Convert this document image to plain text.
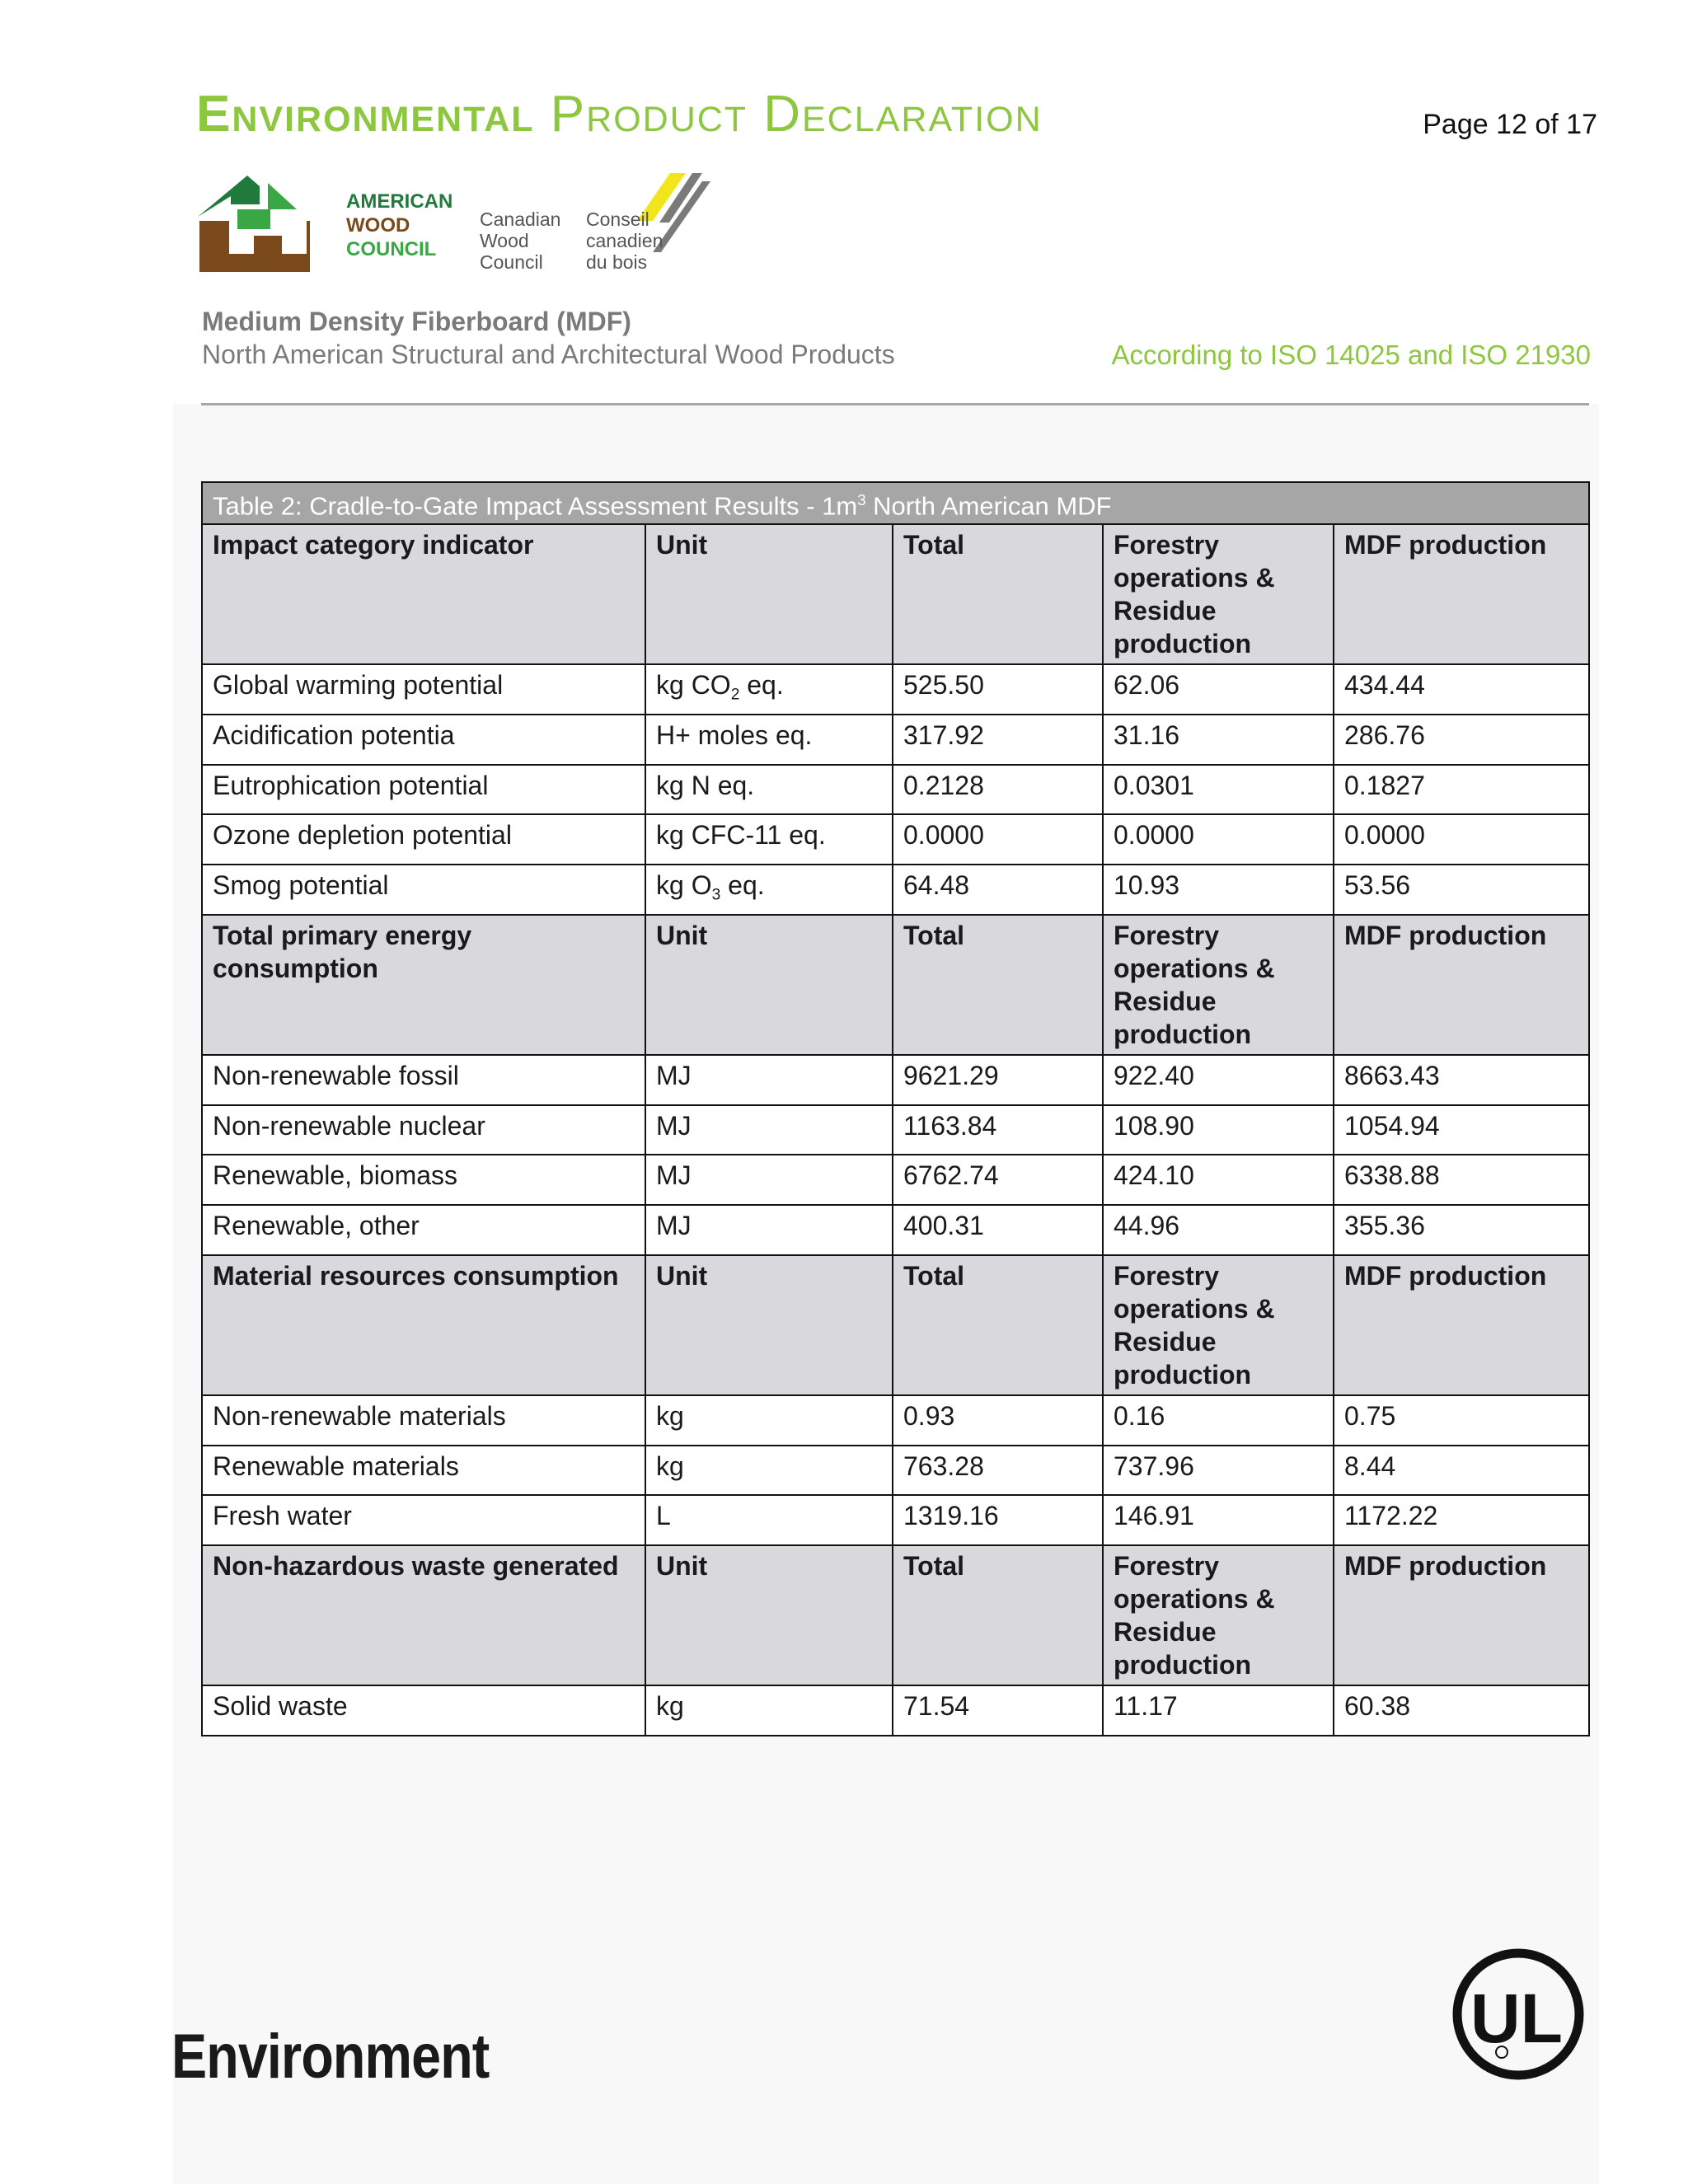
Environmental Product Declaration	Page 12 of 17
AMERICAN
WOOD
COUNCIL
Canadian
Wood
Council
Conseil
canadien
du bois
Medium Density Fiberboard (MDF)
North American Structural and Architectural Wood Products	According to ISO 14025 and ISO 21930
Table 2: Cradle-to-Gate Impact Assessment Results - $1m^3$ North American MDF				
Impact category indicator	Unit	Total	Forestry operations & Residue production	MDF production
Global warming potential	kg $CO_2$ eq.	525.50	62.06	434.44
Acidification potentia	H+ moles eq.	317.92	31.16	286.76
Eutrophication potential	kg N eq.	0.2128	0.0301	0.1827
Ozone depletion potential	kg CFC-11 eq.	0.0000	0.0000	0.0000
Smog potential	kg $O_3$ eq.	64.48	10.93	53.56
Total primary energy consumption	Unit	Total	Forestry operations & Residue production	MDF production
Non-renewable fossil	MJ	9621.29	922.40	8663.43
Non-renewable nuclear	MJ	1163.84	108.90	1054.94
Renewable, biomass	MJ	6762.74	424.10	6338.88
Renewable, other	MJ	400.31	44.96	355.36
Material resources consumption	Unit	Total	Forestry operations & Residue production	MDF production
Non-renewable materials	kg	0.93	0.16	0.75
Renewable materials	kg	763.28	737.96	8.44
Fresh water	L	1319.16	146.91	1172.22
Non-hazardous waste generated	Unit	Total	Forestry operations & Residue production	MDF production
Solid waste	kg	71.54	11.17	60.38
Environment	UL
